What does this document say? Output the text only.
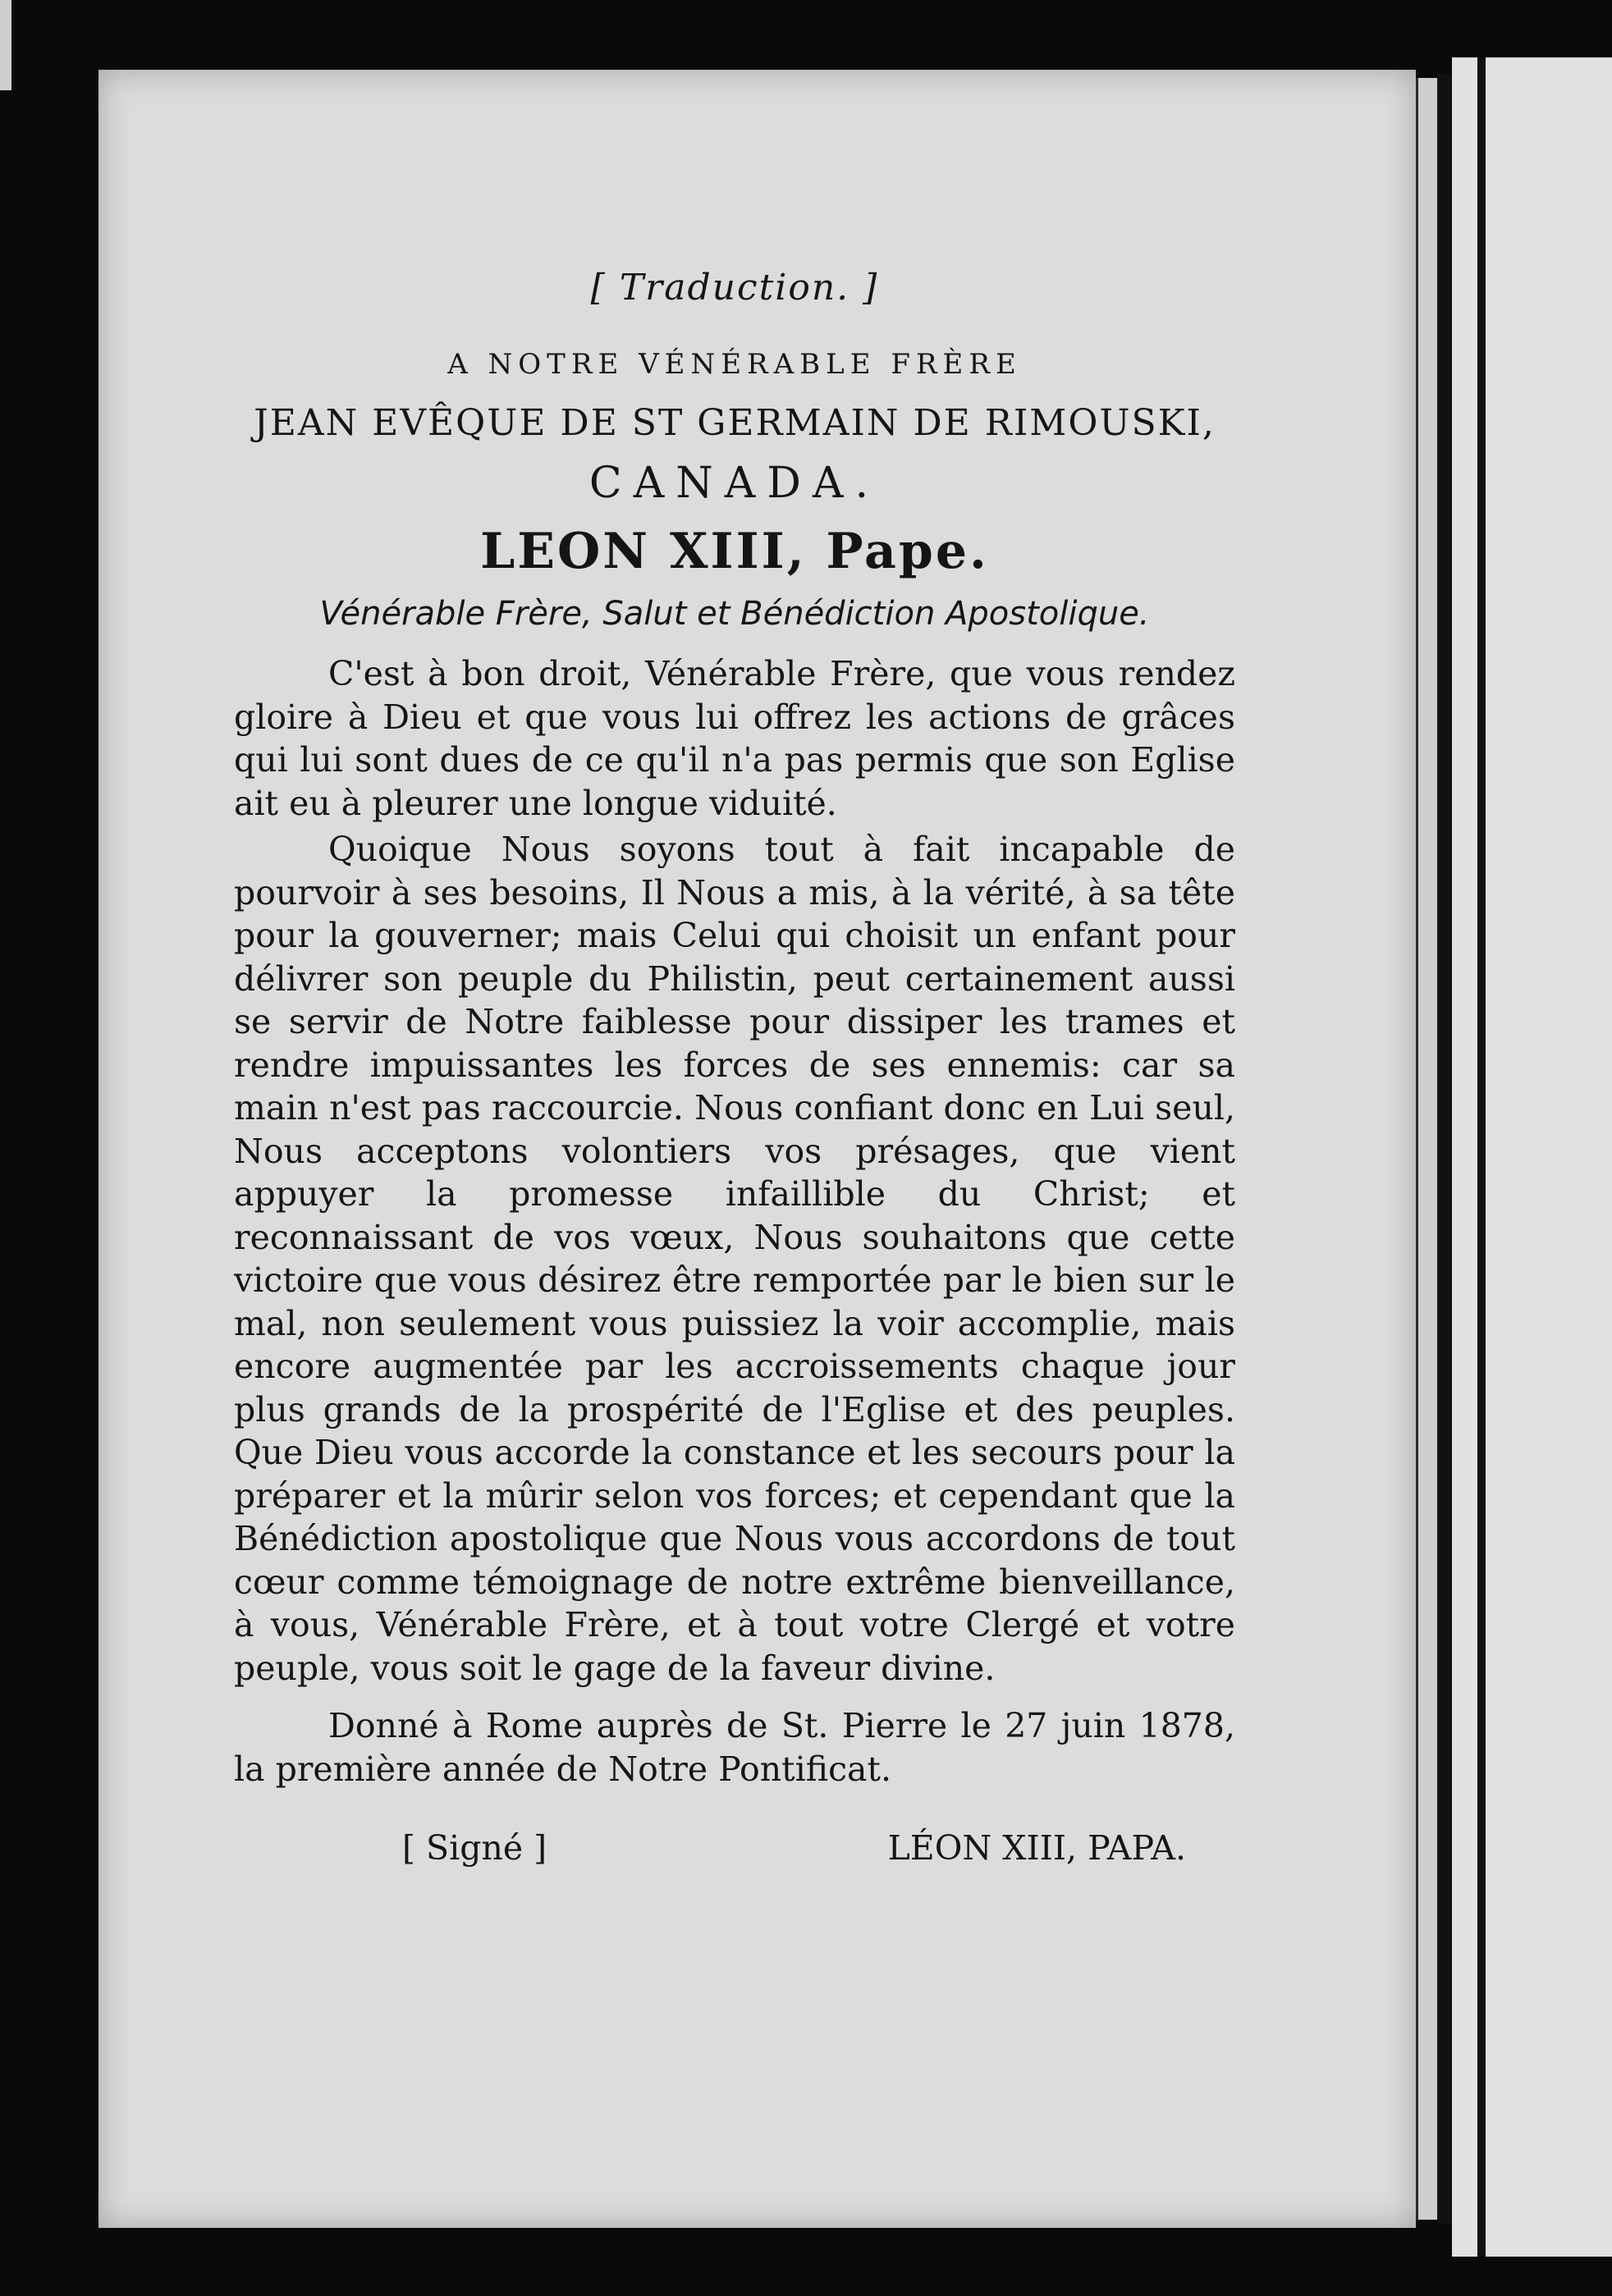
[ Traduction. ]
A NOTRE VÉNÉRABLE FRÈRE
JEAN EVÊQUE DE ST GERMAIN DE RIMOUSKI,
CANADA.
LEON XIII, Pape.
Vénérable Frère, Salut et Bénédiction Apostolique.

C'est à bon droit, Vénérable Frère, que vous rendez gloire à Dieu et que vous lui offrez les actions de grâces qui lui sont dues de ce qu'il n'a pas permis que son Eglise ait eu à pleurer une longue viduité.

Quoique Nous soyons tout à fait incapable de pourvoir à ses besoins, Il Nous a mis, à la vérité, à sa tête pour la gouverner; mais Celui qui choisit un enfant pour délivrer son peuple du Philistin, peut certainement aussi se servir de Notre faiblesse pour dissiper les trames et rendre impuissantes les forces de ses ennemis: car sa main n'est pas raccourcie. Nous confiant donc en Lui seul, Nous acceptons volontiers vos présages, que vient appuyer la promesse infaillible du Christ; et reconnaissant de vos vœux, Nous souhaitons que cette victoire que vous désirez être remportée par le bien sur le mal, non seulement vous puissiez la voir accomplie, mais encore augmentée par les accroissements chaque jour plus grands de la prospérité de l'Eglise et des peuples. Que Dieu vous accorde la constance et les secours pour la préparer et la mûrir selon vos forces; et cependant que la Bénédiction apostolique que Nous vous accordons de tout cœur comme témoignage de notre extrême bienveillance, à vous, Vénérable Frère, et à tout votre Clergé et votre peuple, vous soit le gage de la faveur divine.

Donné à Rome auprès de St. Pierre le 27 juin 1878, la première année de Notre Pontificat.

[ Signé ]	LÉON XIII, PAPA.
